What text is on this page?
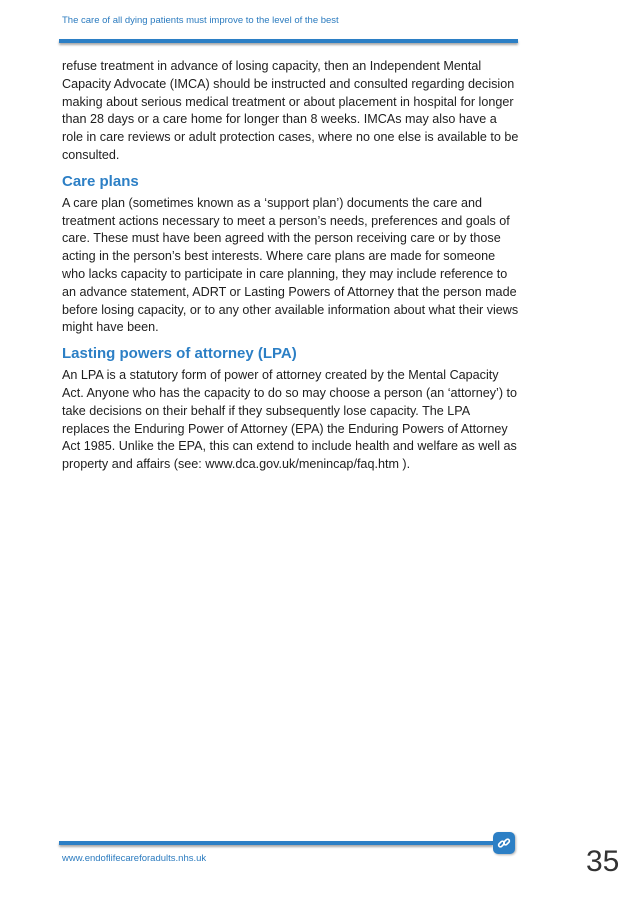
The care of all dying patients must improve to the level of the best

refuse treatment in advance of losing capacity, then an Independent Mental Capacity Advocate (IMCA) should be instructed and consulted regarding decision making about serious medical treatment or about placement in hospital for longer than 28 days or a care home for longer than 8 weeks. IMCAs may also have a role in care reviews or adult protection cases, where no one else is available to be consulted.

Care plans

A care plan (sometimes known as a ‘support plan’) documents the care and treatment actions necessary to meet a person’s needs, preferences and goals of care. These must have been agreed with the person receiving care or by those acting in the person’s best interests. Where care plans are made for someone who lacks capacity to participate in care planning, they may include reference to an advance statement, ADRT or Lasting Powers of Attorney that the person made before losing capacity, or to any other available information about what their views might have been.

Lasting powers of attorney (LPA)

An LPA is a statutory form of power of attorney created by the Mental Capacity Act. Anyone who has the capacity to do so may choose a person (an ‘attorney’) to take decisions on their behalf if they subsequently lose capacity. The LPA replaces the Enduring Power of Attorney (EPA) the Enduring Powers of Attorney Act 1985. Unlike the EPA, this can extend to include health and welfare as well as property and affairs (see: www.dca.gov.uk/menincap/faq.htm ).

www.endoflifecareforadults.nhs.uk	35
